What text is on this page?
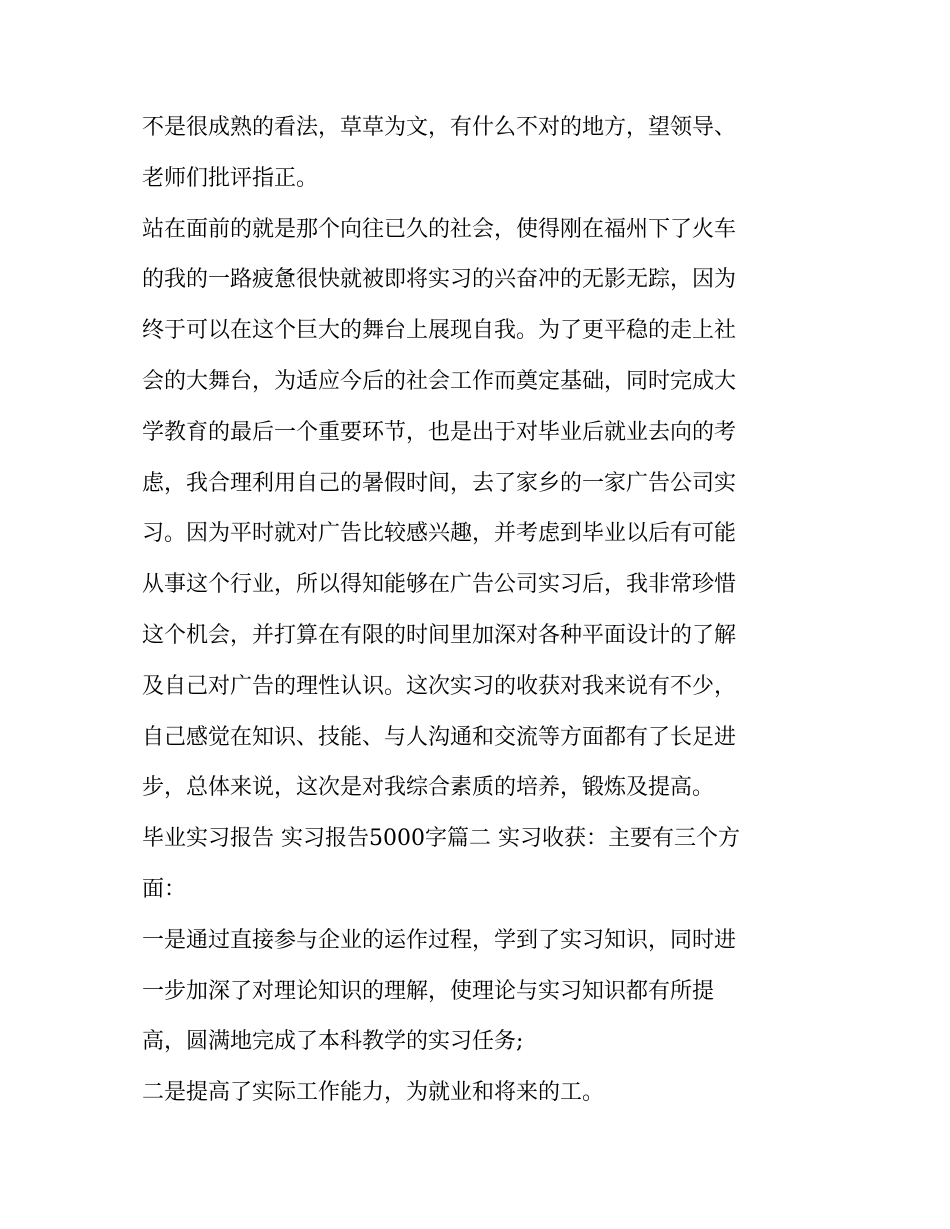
不是很成熟的看法，草草为文，有什么不对的地方，望领导、
老师们批评指正。
站在面前的就是那个向往已久的社会，使得刚在福州下了火车
的我的一路疲惫很快就被即将实习的兴奋冲的无影无踪，因为
终于可以在这个巨大的舞台上展现自我。为了更平稳的走上社
会的大舞台，为适应今后的社会工作而奠定基础，同时完成大
学教育的最后一个重要环节，也是出于对毕业后就业去向的考
虑，我合理利用自己的暑假时间，去了家乡的一家广告公司实
习。因为平时就对广告比较感兴趣，并考虑到毕业以后有可能
从事这个行业，所以得知能够在广告公司实习后，我非常珍惜
这个机会，并打算在有限的时间里加深对各种平面设计的了解
及自己对广告的理性认识。这次实习的收获对我来说有不少，
自己感觉在知识、技能、与人沟通和交流等方面都有了长足进
步，总体来说，这次是对我综合素质的培养，锻炼及提高。
毕业实习报告 实习报告5000字篇二 实习收获：主要有三个方
面：
一是通过直接参与企业的运作过程，学到了实习知识，同时进
一步加深了对理论知识的理解，使理论与实习知识都有所提
高，圆满地完成了本科教学的实习任务;
二是提高了实际工作能力，为就业和将来的工。
